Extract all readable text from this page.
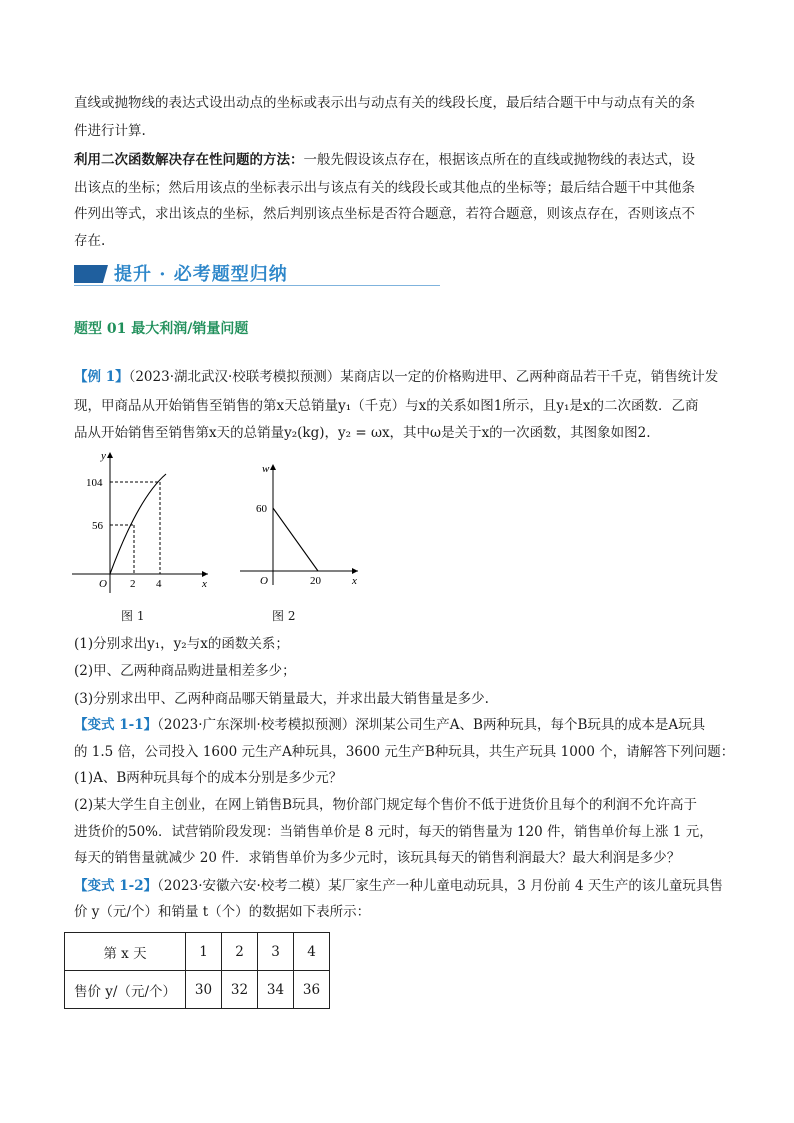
直线或抛物线的表达式设出动点的坐标或表示出与动点有关的线段长度，最后结合题干中与动点有关的条
件进行计算.
利用二次函数解决存在性问题的方法：一般先假设该点存在，根据该点所在的直线或抛物线的表达式，设
出该点的坐标；然后用该点的坐标表示出与该点有关的线段长或其他点的坐标等；最后结合题干中其他条
件列出等式，求出该点的坐标，然后判别该点坐标是否符合题意，若符合题意，则该点存在，否则该点不
存在.
提升 · 必考题型归纳
题型 01 最大利润/销量问题
【例 1】（2023·湖北武汉·校联考模拟预测）某商店以一定的价格购进甲、乙两种商品若干千克，销售统计发
现，甲商品从开始销售至销售的第x天总销量y₁（千克）与x的关系如图1所示，且y₁是x的二次函数．乙商
品从开始销售至销售第x天的总销量y₂(kg)，y₂ = ωx，其中ω是关于x的一次函数，其图象如图2.
y
104
56
O 2 4	x
图 1
w
60
O	20	x
图 2
(1)分别求出y₁，y₂与x的函数关系；
(2)甲、乙两种商品购进量相差多少；
(3)分别求出甲、乙两种商品哪天销量最大，并求出最大销售量是多少.
【变式 1-1】（2023·广东深圳·校考模拟预测）深圳某公司生产A、B两种玩具，每个B玩具的成本是A玩具
的 1.5 倍，公司投入 1600 元生产A种玩具，3600 元生产B种玩具，共生产玩具 1000 个，请解答下列问题：
(1)A、B两种玩具每个的成本分别是多少元？
(2)某大学生自主创业，在网上销售B玩具，物价部门规定每个售价不低于进货价且每个的利润不允许高于
进货价的50%．试营销阶段发现：当销售单价是 8 元时，每天的销售量为 120 件，销售单价每上涨 1 元，
每天的销售量就减少 20 件．求销售单价为多少元时，该玩具每天的销售利润最大？最大利润是多少？
【变式 1-2】（2023·安徽六安·校考二模）某厂家生产一种儿童电动玩具，3 月份前 4 天生产的该儿童玩具售
价 y（元/个）和销量 t（个）的数据如下表所示：
第 x 天	1	2	3	4
售价 y/（元/个）	30	32	34	36
